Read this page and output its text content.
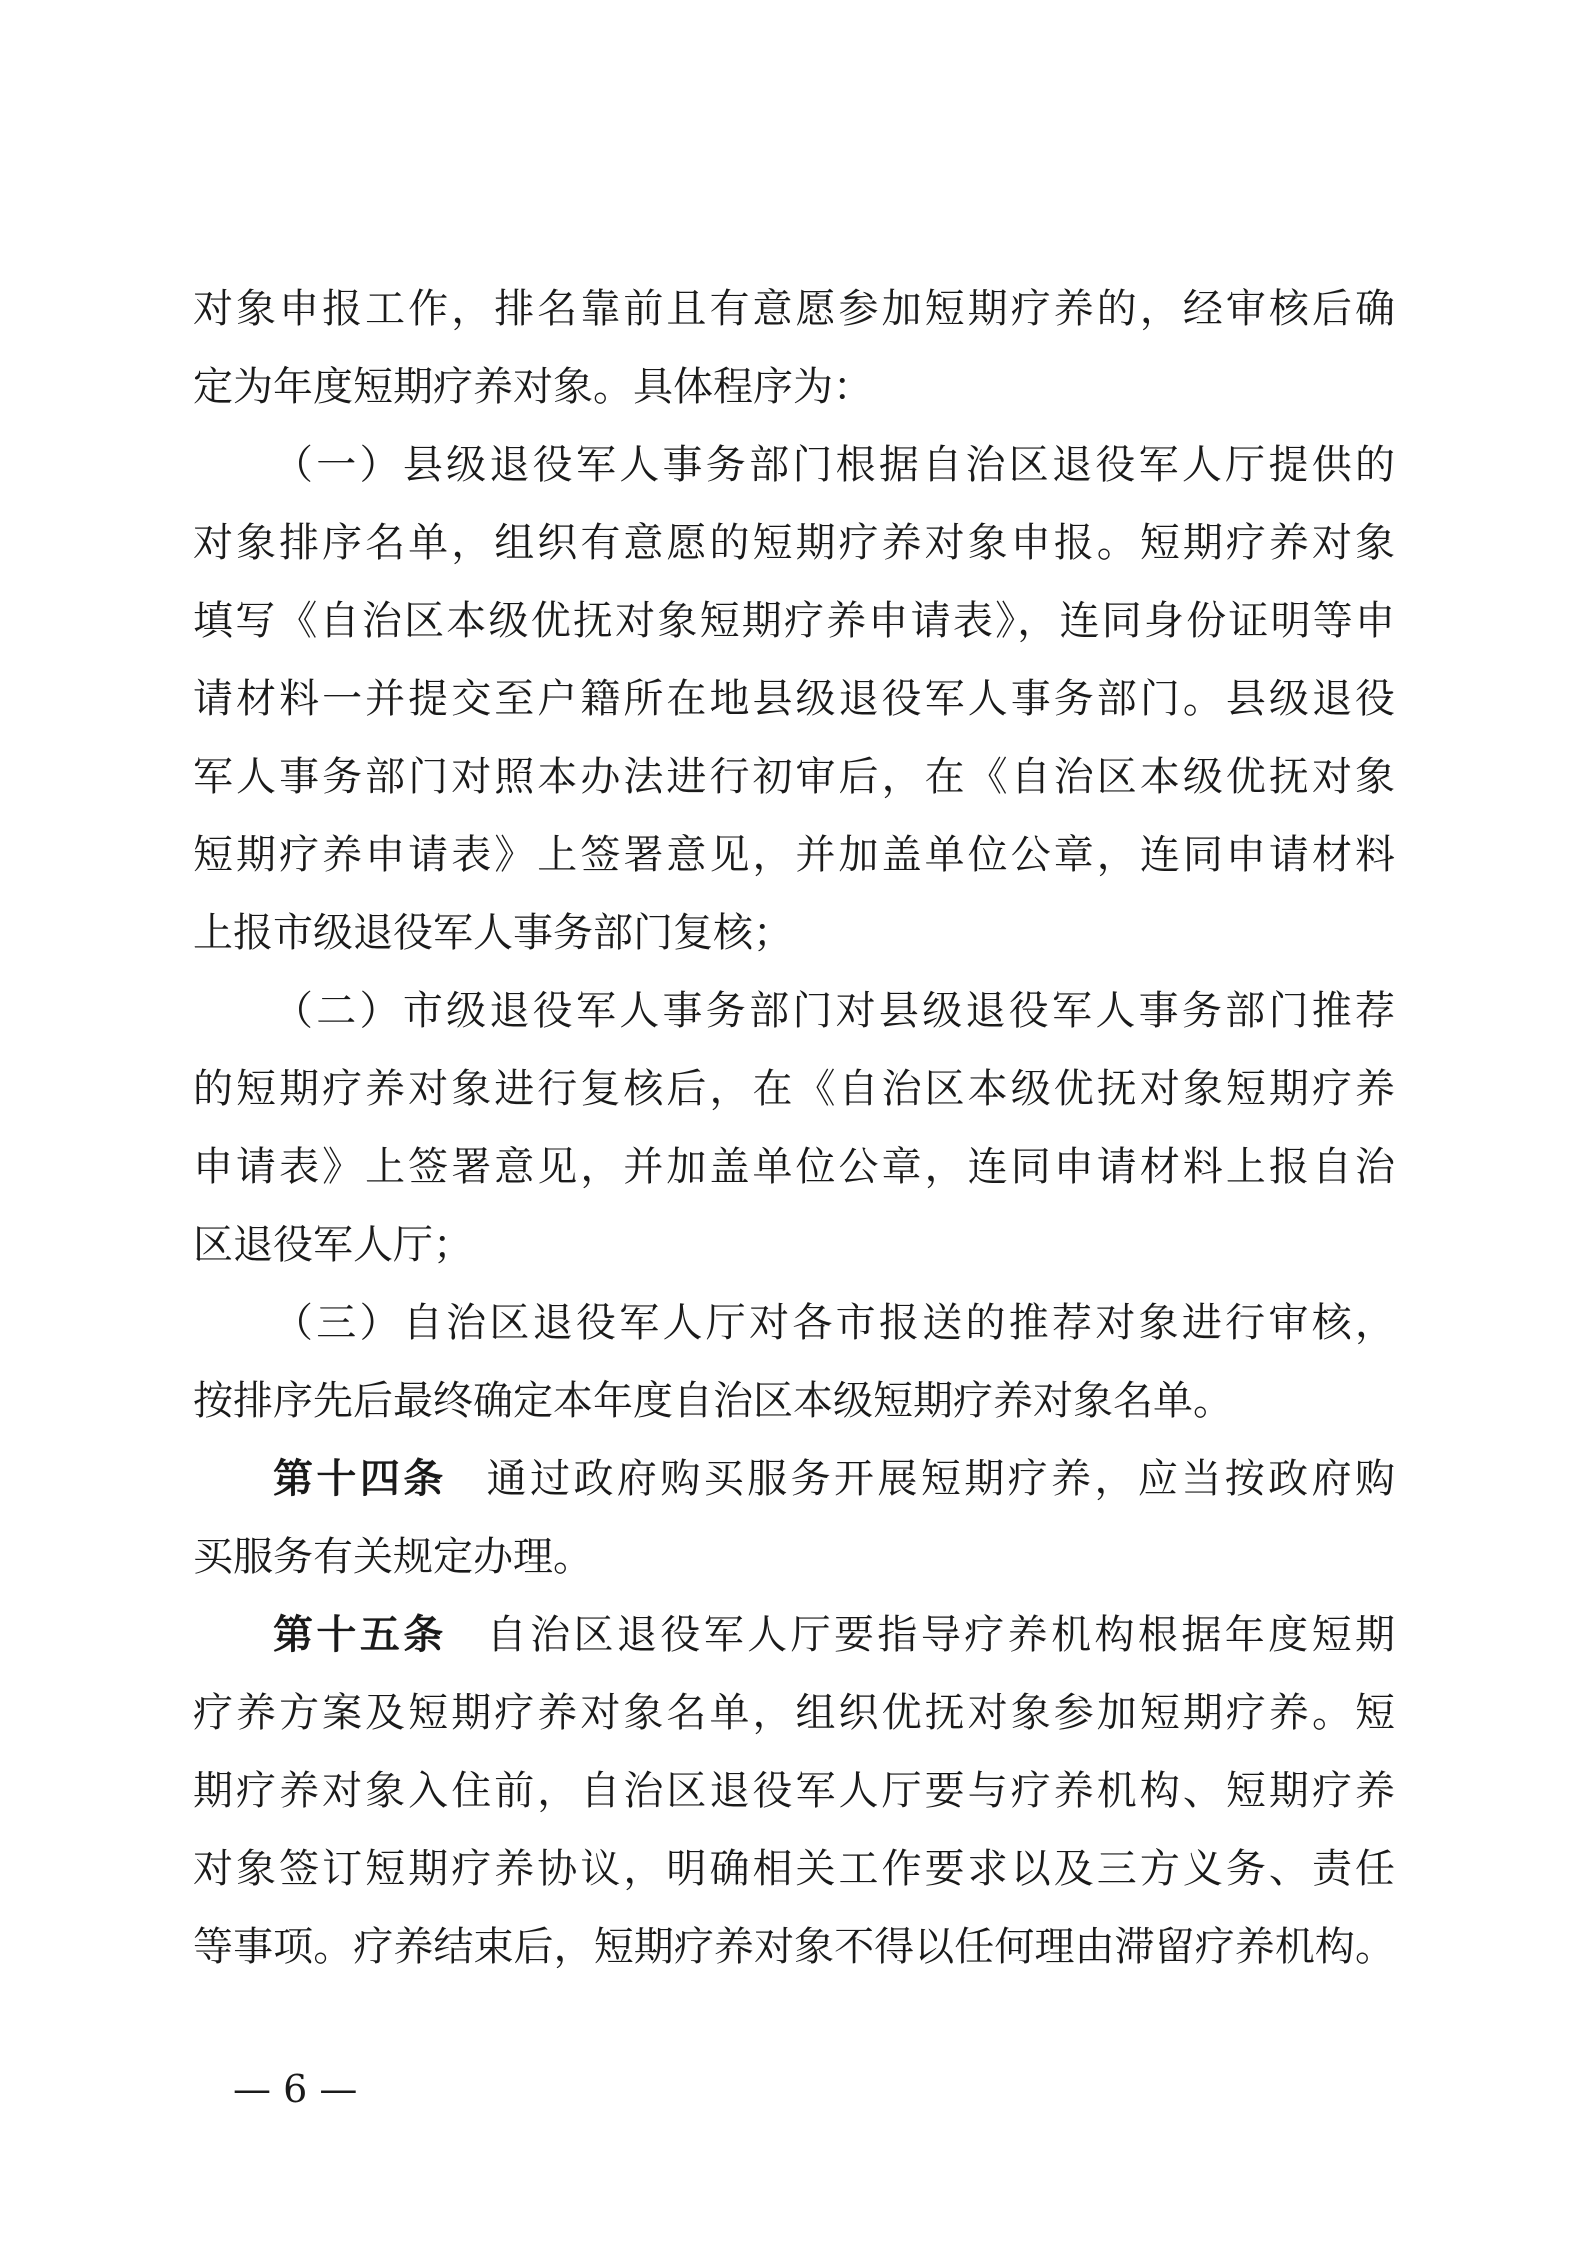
对象申报工作，排名靠前且有意愿参加短期疗养的，经审核后确
定为年度短期疗养对象。具体程序为：
（一）县级退役军人事务部门根据自治区退役军人厅提供的
对象排序名单，组织有意愿的短期疗养对象申报。短期疗养对象
填写《自治区本级优抚对象短期疗养申请表》，连同身份证明等申
请材料一并提交至户籍所在地县级退役军人事务部门。县级退役
军人事务部门对照本办法进行初审后，在《自治区本级优抚对象
短期疗养申请表》上签署意见，并加盖单位公章，连同申请材料
上报市级退役军人事务部门复核；
（二）市级退役军人事务部门对县级退役军人事务部门推荐
的短期疗养对象进行复核后，在《自治区本级优抚对象短期疗养
申请表》上签署意见，并加盖单位公章，连同申请材料上报自治
区退役军人厅；
（三）自治区退役军人厅对各市报送的推荐对象进行审核，
按排序先后最终确定本年度自治区本级短期疗养对象名单。
第十四条 通过政府购买服务开展短期疗养，应当按政府购
买服务有关规定办理。
第十五条 自治区退役军人厅要指导疗养机构根据年度短期
疗养方案及短期疗养对象名单，组织优抚对象参加短期疗养。短
期疗养对象入住前，自治区退役军人厅要与疗养机构、短期疗养
对象签订短期疗养协议，明确相关工作要求以及三方义务、责任
等事项。疗养结束后，短期疗养对象不得以任何理由滞留疗养机构。
— 6 —
